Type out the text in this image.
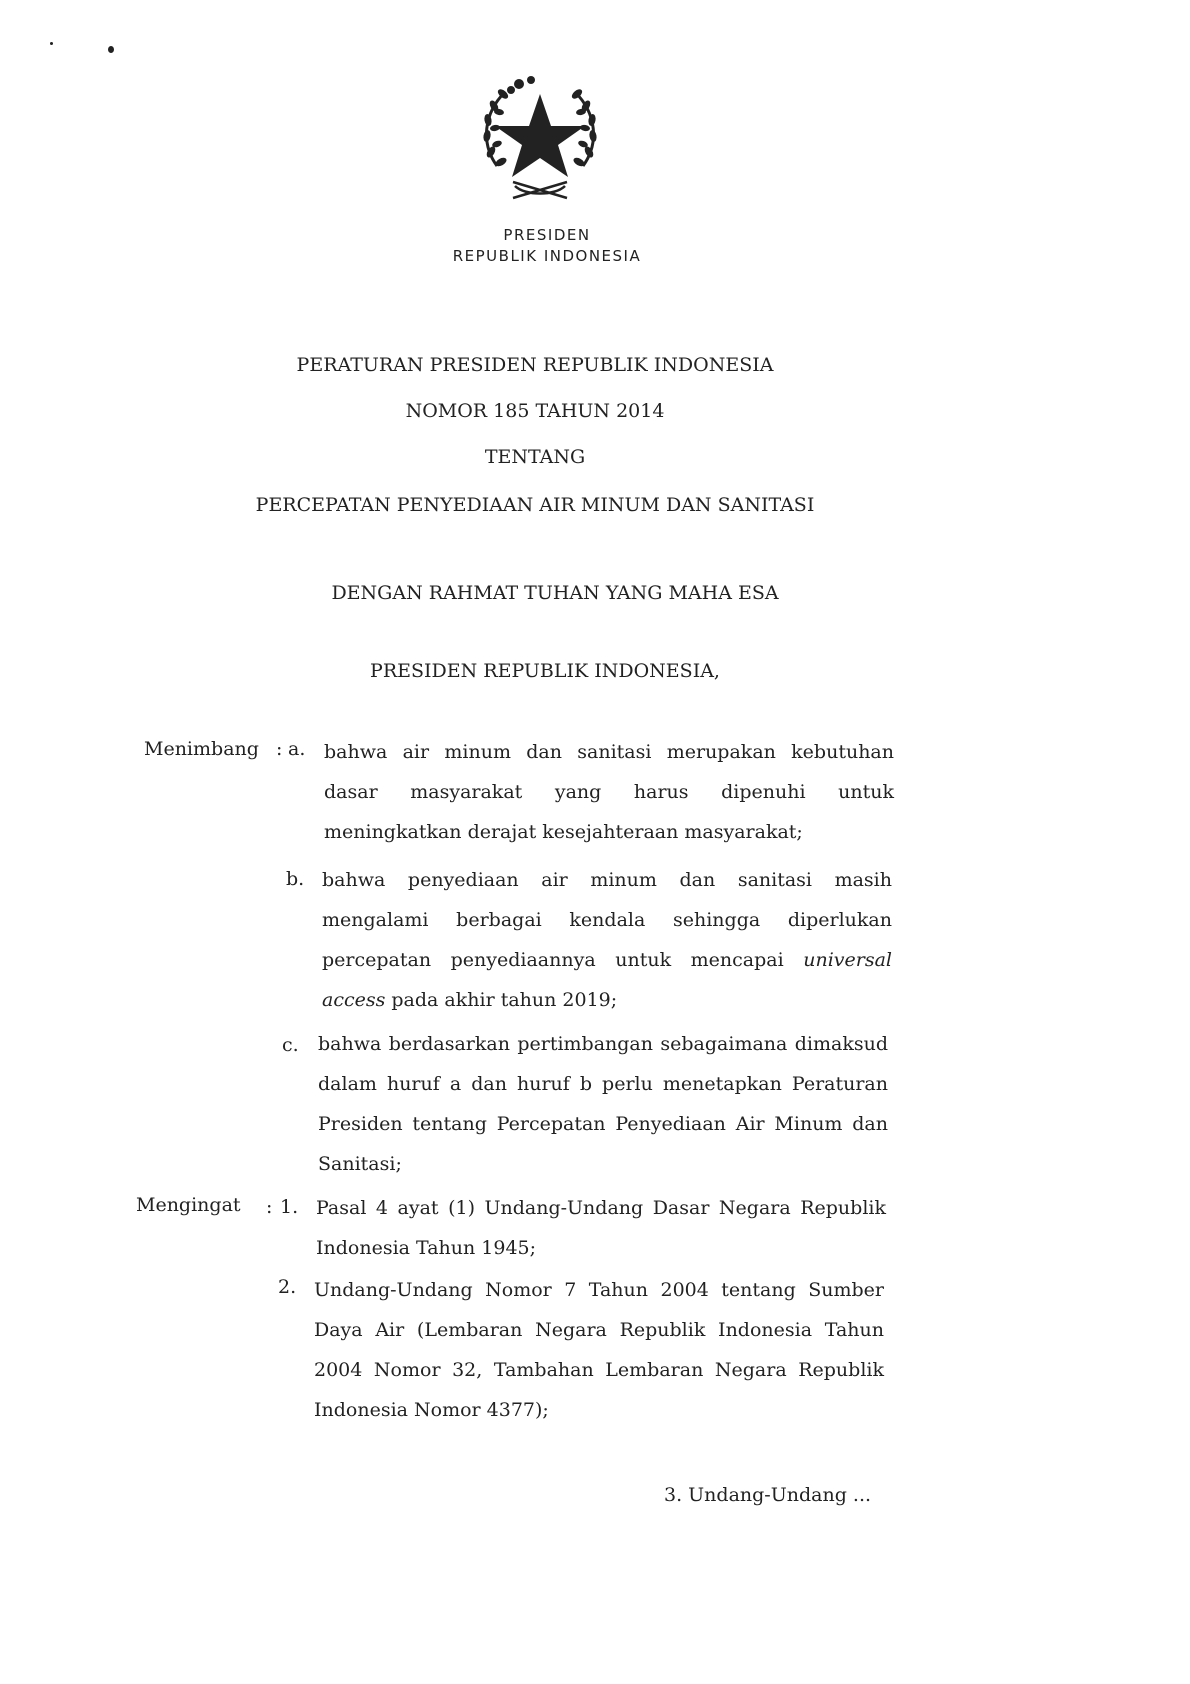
PRESIDEN
REPUBLIK INDONESIA
PERATURAN PRESIDEN REPUBLIK INDONESIA
NOMOR 185 TAHUN 2014
TENTANG
PERCEPATAN PENYEDIAAN AIR MINUM DAN SANITASI
DENGAN RAHMAT TUHAN YANG MAHA ESA
PRESIDEN REPUBLIK INDONESIA,
Menimbang : a. bahwa air minum dan sanitasi merupakan kebutuhan dasar masyarakat yang harus dipenuhi untuk meningkatkan derajat kesejahteraan masyarakat;
b. bahwa penyediaan air minum dan sanitasi masih mengalami berbagai kendala sehingga diperlukan percepatan penyediaannya untuk mencapai universal access pada akhir tahun 2019;
c. bahwa berdasarkan pertimbangan sebagaimana dimaksud dalam huruf a dan huruf b perlu menetapkan Peraturan Presiden tentang Percepatan Penyediaan Air Minum dan Sanitasi;
Mengingat : 1. Pasal 4 ayat (1) Undang-Undang Dasar Negara Republik Indonesia Tahun 1945;
2. Undang-Undang Nomor 7 Tahun 2004 tentang Sumber Daya Air (Lembaran Negara Republik Indonesia Tahun 2004 Nomor 32, Tambahan Lembaran Negara Republik Indonesia Nomor 4377);
3. Undang-Undang ...
